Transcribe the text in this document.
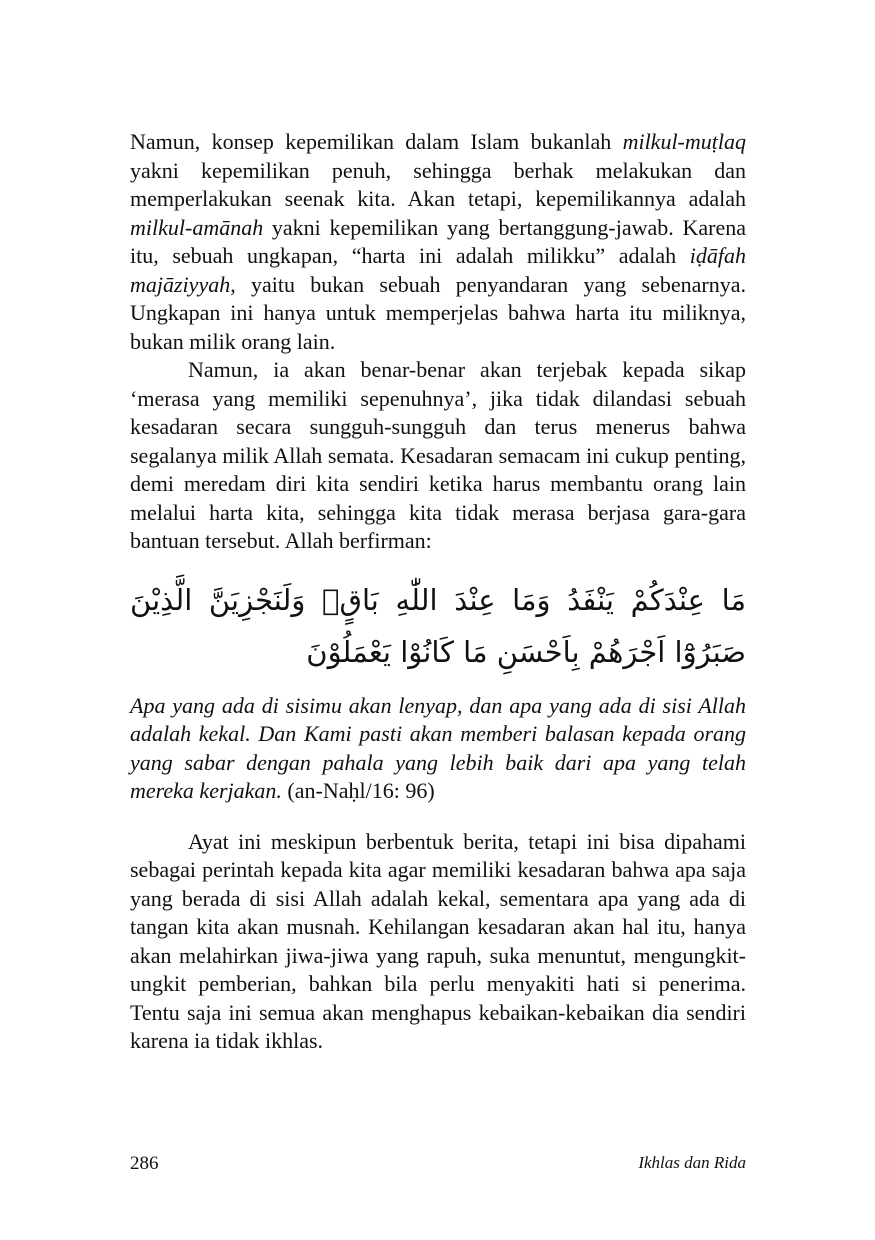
Namun, konsep kepemilikan dalam Islam bukanlah milkul-muṭlaq yakni kepemilikan penuh, sehingga berhak melakukan dan memperlakukan seenak kita. Akan tetapi, kepemilikannya adalah milkul-amānah yakni kepemilikan yang bertanggung-jawab. Karena itu, sebuah ungkapan, “harta ini adalah milikku” adalah iḍāfah majāziyyah, yaitu bukan sebuah penyandaran yang sebenarnya. Ungkapan ini hanya untuk memperjelas bahwa harta itu miliknya, bukan milik orang lain.

Namun, ia akan benar-benar akan terjebak kepada sikap ‘merasa yang memiliki sepenuhnya’, jika tidak dilandasi sebuah kesadaran secara sungguh-sungguh dan terus menerus bahwa segalanya milik Allah semata. Kesadaran semacam ini cukup penting, demi meredam diri kita sendiri ketika harus membantu orang lain melalui harta kita, sehingga kita tidak merasa berjasa gara-gara bantuan tersebut. Allah berfirman:

مَا عِنْدَكُمْ يَنْفَدُ وَمَا عِنْدَ اللّٰهِ بَاقٍۗ وَلَنَجْزِيَنَّ الَّذِيْنَ صَبَرُوْٓا اَجْرَهُمْ بِاَحْسَنِ مَا كَانُوْا يَعْمَلُوْنَ

Apa yang ada di sisimu akan lenyap, dan apa yang ada di sisi Allah adalah kekal. Dan Kami pasti akan memberi balasan kepada orang yang sabar dengan pahala yang lebih baik dari apa yang telah mereka kerjakan. (an-Naḥl/16: 96)

Ayat ini meskipun berbentuk berita, tetapi ini bisa dipahami sebagai perintah kepada kita agar memiliki kesadaran bahwa apa saja yang berada di sisi Allah adalah kekal, sementara apa yang ada di tangan kita akan musnah. Kehilangan kesadaran akan hal itu, hanya akan melahirkan jiwa-jiwa yang rapuh, suka menuntut, mengungkit-ungkit pemberian, bahkan bila perlu menyakiti hati si penerima. Tentu saja ini semua akan menghapus kebaikan-kebaikan dia sendiri karena ia tidak ikhlas.

286	Ikhlas dan Rida
